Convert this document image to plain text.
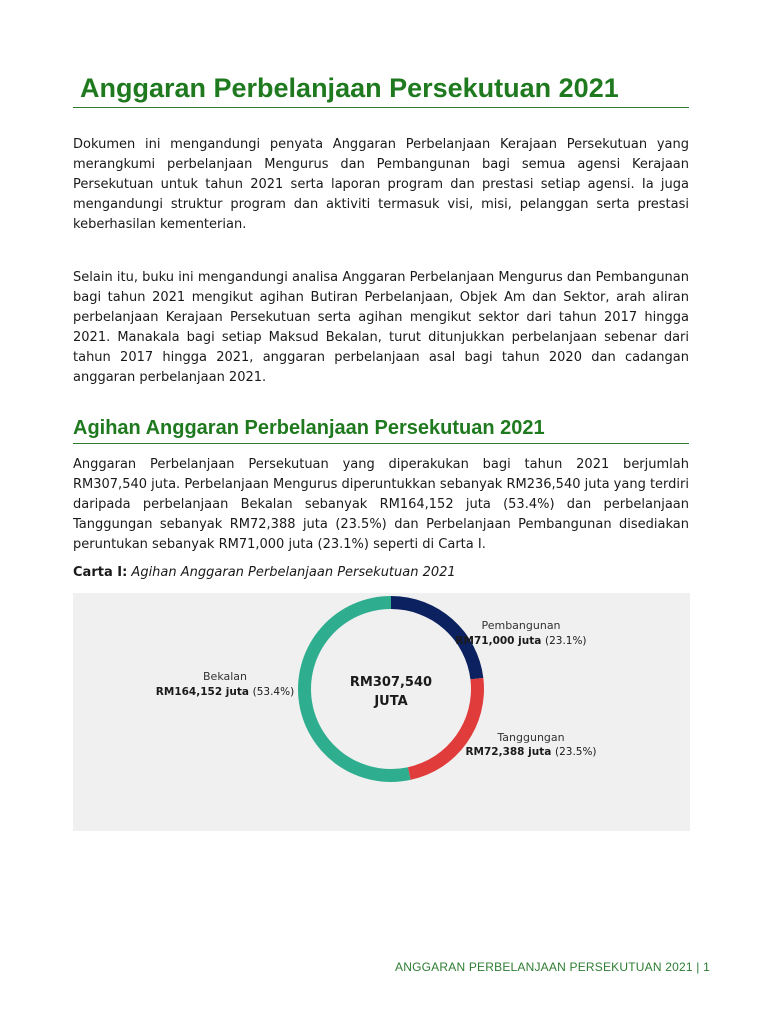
Anggaran Perbelanjaan Persekutuan 2021

Dokumen ini mengandungi penyata Anggaran Perbelanjaan Kerajaan Persekutuan yang merangkumi perbelanjaan Mengurus dan Pembangunan bagi semua agensi Kerajaan Persekutuan untuk tahun 2021 serta laporan program dan prestasi setiap agensi. Ia juga mengandungi struktur program dan aktiviti termasuk visi, misi, pelanggan serta prestasi keberhasilan kementerian.

Selain itu, buku ini mengandungi analisa Anggaran Perbelanjaan Mengurus dan Pembangunan bagi tahun 2021 mengikut agihan Butiran Perbelanjaan, Objek Am dan Sektor, arah aliran perbelanjaan Kerajaan Persekutuan serta agihan mengikut sektor dari tahun 2017 hingga 2021. Manakala bagi setiap Maksud Bekalan, turut ditunjukkan perbelanjaan sebenar dari tahun 2017 hingga 2021, anggaran perbelanjaan asal bagi tahun 2020 dan cadangan anggaran perbelanjaan 2021.

Agihan Anggaran Perbelanjaan Persekutuan 2021

Anggaran Perbelanjaan Persekutuan yang diperakukan bagi tahun 2021 berjumlah RM307,540 juta. Perbelanjaan Mengurus diperuntukkan sebanyak RM236,540 juta yang terdiri daripada perbelanjaan Bekalan sebanyak RM164,152 juta (53.4%) dan perbelanjaan Tanggungan sebanyak RM72,388 juta (23.5%) dan Perbelanjaan Pembangunan disediakan peruntukan sebanyak RM71,000 juta (23.1%) seperti di Carta I.

Carta I: Agihan Anggaran Perbelanjaan Persekutuan 2021
RM307,540
JUTA
Pembangunan
RM71,000 juta (23.1%)
Tanggungan
RM72,388 juta (23.5%)
Bekalan
RM164,152 juta (53.4%)
ANGGARAN PERBELANJAAN PERSEKUTUAN 2021 | 1
